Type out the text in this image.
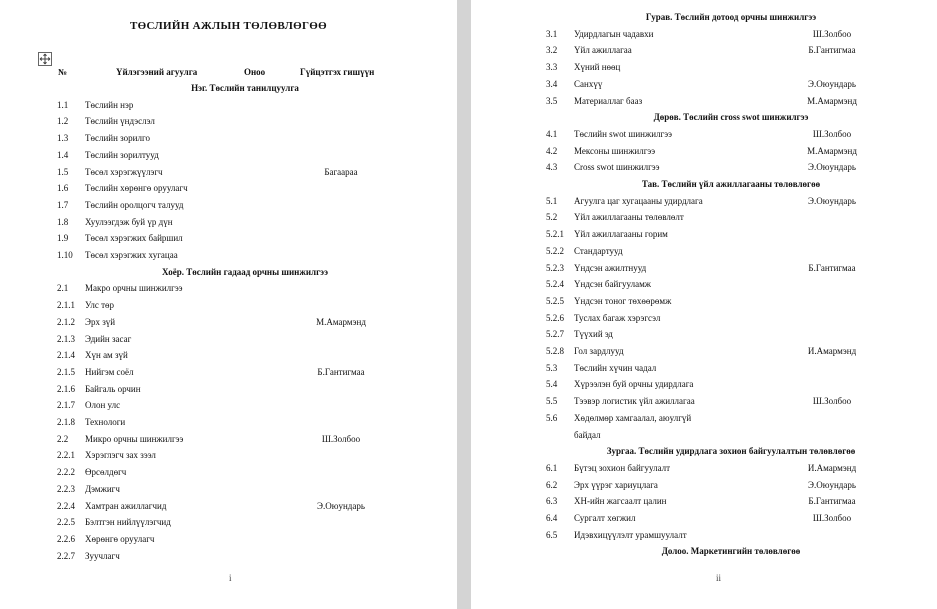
ТӨСЛИЙН АЖЛЫН ТӨЛӨВЛӨГӨӨ
№	Үйлэгээний агуулга	Оноо	Гүйцэтгэх гишүүн
Нэг. Төслийн танилцуулга
1.1 Төслийн нэр
1.2 Төслийн үндэслэл
1.3 Төслийн зорилго
1.4 Төслийн зорилтууд
1.5 Төсөл хэрэгжүүлэгч	Багаараа
1.6 Төслийн хөрөнгө оруулагч
1.7 Төслийн оролцогч талууд
1.8 Хуулээгдэж буй үр дүн
1.9 Төсөл хэрэгжих байршил
1.10 Төсөл хэрэгжих хугацаа
Хоёр. Төслийн гадаад орчны шинжилгээ
2.1 Макро орчны шинжилгээ
2.1.1 Улс төр
2.1.2 Эрх зүй	М.Амармэнд
2.1.3 Эдийн засаг
2.1.4 Хүн ам зүй
2.1.5 Нийгэм соёл	Б.Гантигмаа
2.1.6 Байгаль орчин
2.1.7 Олон улс
2.1.8 Технологи
2.2 Микро орчны шинжилгээ	Ш.Золбоо
2.2.1 Хэрэглэгч зах зээл
2.2.2 Өрсөлдөгч
2.2.3 Дэмжигч
2.2.4 Хамтран ажиллагчид	Э.Оюундарь
2.2.5 Бэлтгэн нийлүүлэгчид
2.2.6 Хөрөнгө оруулагч
2.2.7 Зуучлагч
i
Гурав. Төслийн дотоод орчны шинжилгээ
3.1 Удирдлагын чадавхи	Ш.Золбоо
3.2 Үйл ажиллагаа	Б.Гантигмаа
3.3 Хүний нөөц
3.4 Санхүү	Э.Оюундарь
3.5 Материаллаг бааз	М.Амармэнд
Дөрөв. Төслийн cross swot шинжилгээ
4.1 Төслийн swot шинжилгээ	Ш.Золбоо
4.2 Мексоны шинжилгээ	М.Амармэнд
4.3 Cross swot шинжилгээ	Э.Оюундарь
Тав. Төслийн үйл ажиллагааны төлөвлөгөө
5.1 Агуулга цаг хугацааны удирдлага	Э.Оюундарь
5.2 Үйл ажиллагааны төлөвлөлт
5.2.1 Үйл ажиллагааны горим
5.2.2 Стандартууд
5.2.3 Үндсэн ажилтнууд	Б.Гантигмаа
5.2.4 Үндсэн байгууламж
5.2.5 Үндсэн тоног төхөөрөмж
5.2.6 Туслах багаж хэрэгсэл
5.2.7 Түүхий эд
5.2.8 Гол зардлууд	И.Амармэнд
5.3 Төслийн хүчин чадал
5.4 Хүрээлэн буй орчны удирдлага
5.5 Тээвэр логистик үйл ажиллагаа	Ш.Золбоо
5.6 Хөдөлмөр хамгаалал, аюулгүй
байдал
Зургаа. Төслийн удирдлага зохион байгуулалтын төлөвлөгөө
6.1 Бүтэц зохион байгуулалт	И.Амармэнд
6.2 Эрх үүрэг хариуцлага	Э.Оюундарь
6.3 ХН-ийн жагсаалт цалин	Б.Гантигмаа
6.4 Сургалт хөгжил	Ш.Золбоо
6.5 Идэвхицүүлэлт урамшуулалт
Долоо. Маркетингийн төлөвлөгөө
ii
